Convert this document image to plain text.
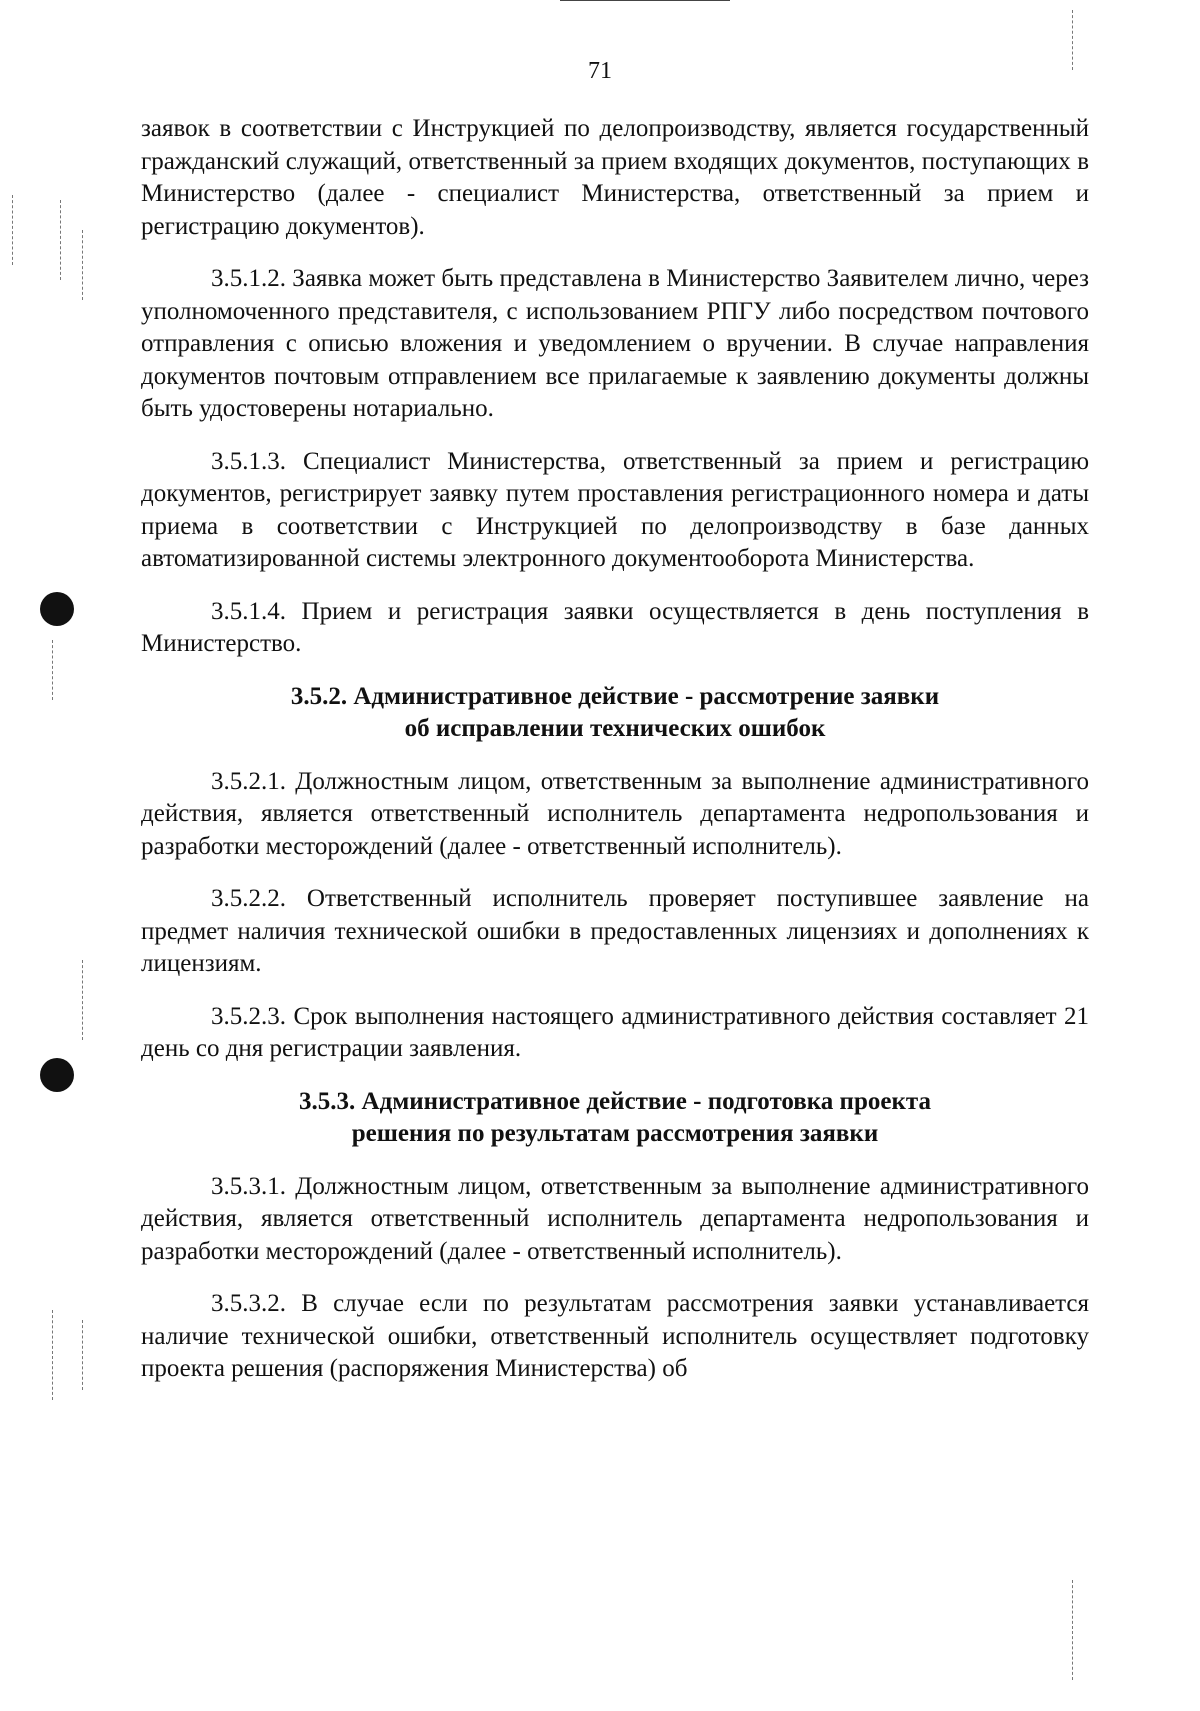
71

заявок в соответствии с Инструкцией по делопроизводству, является государственный гражданский служащий, ответственный за прием входящих документов, поступающих в Министерство (далее - специалист Министерства, ответственный за прием и регистрацию документов).

3.5.1.2. Заявка может быть представлена в Министерство Заявителем лично, через уполномоченного представителя, с использованием РПГУ либо посредством почтового отправления с описью вложения и уведомлением о вручении. В случае направления документов почтовым отправлением все прилагаемые к заявлению документы должны быть удостоверены нотариально.

3.5.1.3. Специалист Министерства, ответственный за прием и регистрацию документов, регистрирует заявку путем проставления регистрационного номера и даты приема в соответствии с Инструкцией по делопроизводству в базе данных автоматизированной системы электронного документооборота Министерства.

3.5.1.4. Прием и регистрация заявки осуществляется в день поступления в Министерство.

3.5.2. Административное действие - рассмотрение заявки
об исправлении технических ошибок

3.5.2.1. Должностным лицом, ответственным за выполнение административного действия, является ответственный исполнитель департамента недропользования и разработки месторождений (далее - ответственный исполнитель).

3.5.2.2. Ответственный исполнитель проверяет поступившее заявление на предмет наличия технической ошибки в предоставленных лицензиях и дополнениях к лицензиям.

3.5.2.3. Срок выполнения настоящего административного действия составляет 21 день со дня регистрации заявления.

3.5.3. Административное действие - подготовка проекта
решения по результатам рассмотрения заявки

3.5.3.1. Должностным лицом, ответственным за выполнение административного действия, является ответственный исполнитель департамента недропользования и разработки месторождений (далее - ответственный исполнитель).

3.5.3.2. В случае если по результатам рассмотрения заявки устанавливается наличие технической ошибки, ответственный исполнитель осуществляет подготовку проекта решения (распоряжения Министерства) об
